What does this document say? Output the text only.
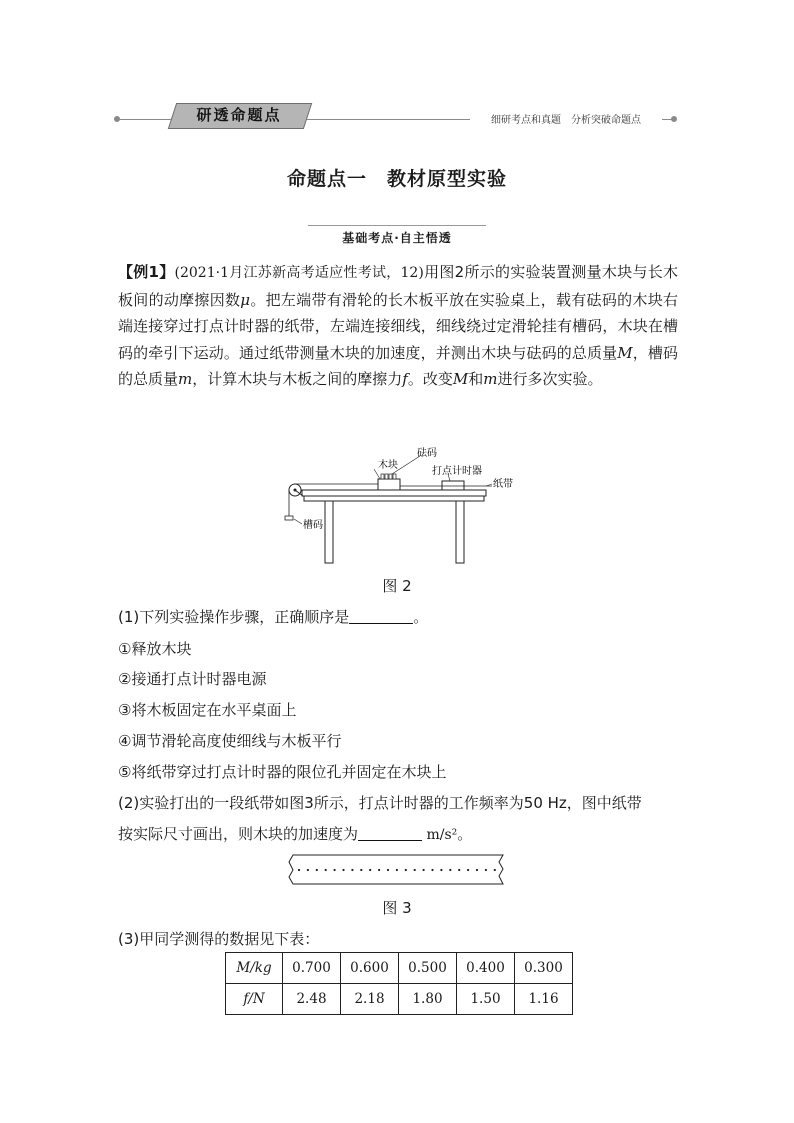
研透命题点	细研考点和真题　分析突破命题点
命题点一　教材原型实验
基础考点·自主悟透
【例1】(2021·1月江苏新高考适应性考试，12)用图2所示的实验装置测量木块与长木板间的动摩擦因数μ。把左端带有滑轮的长木板平放在实验桌上，载有砝码的木块右端连接穿过打点计时器的纸带，左端连接细线，细线绕过定滑轮挂有槽码，木块在槽码的牵引下运动。通过纸带测量木块的加速度，并测出木块与砝码的总质量M，槽码的总质量m，计算木块与木板之间的摩擦力f。改变M和m进行多次实验。
砝码
木块
打点计时器
纸带
槽码
图 2
(1)下列实验操作步骤，正确顺序是	。
①释放木块
②接通打点计时器电源
③将木板固定在水平桌面上
④调节滑轮高度使细线与木板平行
⑤将纸带穿过打点计时器的限位孔并固定在木块上
(2)实验打出的一段纸带如图3所示，打点计时器的工作频率为50 Hz，图中纸带
按实际尺寸画出，则木块的加速度为	m/s²。
图 3
(3)甲同学测得的数据见下表：
M/kg	0.700	0.600	0.500	0.400	0.300
f/N	2.48	2.18	1.80	1.50	1.16
